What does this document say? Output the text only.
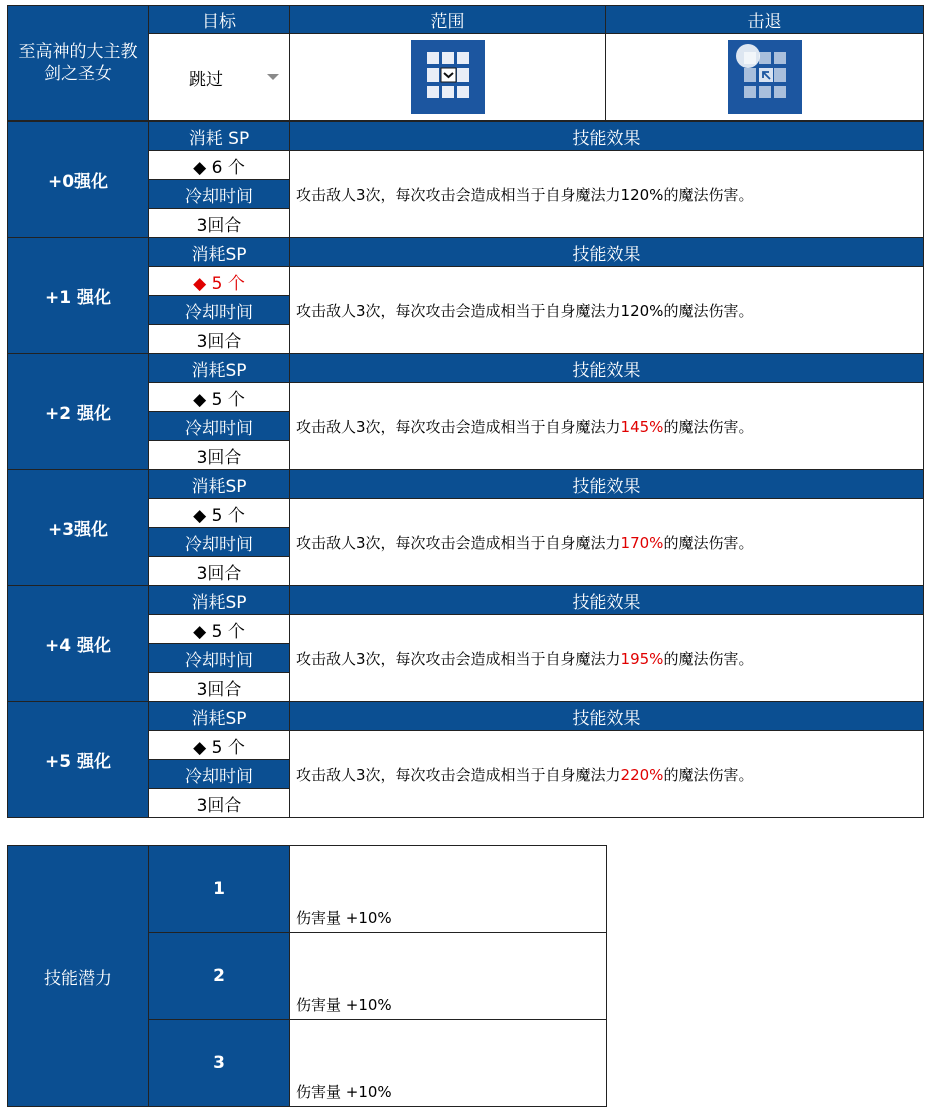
至高神的大主教
剑之圣女	目标	范围	击退

	跳过

+0强化	消耗 SP	技能效果
	◆ 6 个	攻击敌人3次，每次攻击会造成相当于自身魔法力120%的魔法伤害。
	冷却时间	
	3回合	
+1 强化	消耗SP	技能效果
	◆ 5 个	攻击敌人3次，每次攻击会造成相当于自身魔法力120%的魔法伤害。
	冷却时间	
	3回合	
+2 强化	消耗SP	技能效果
	◆ 5 个	攻击敌人3次，每次攻击会造成相当于自身魔法力145%的魔法伤害。
	冷却时间	
	3回合	
+3强化	消耗SP	技能效果
	◆ 5 个	攻击敌人3次，每次攻击会造成相当于自身魔法力170%的魔法伤害。
	冷却时间	
	3回合	
+4 强化	消耗SP	技能效果
	◆ 5 个	攻击敌人3次，每次攻击会造成相当于自身魔法力195%的魔法伤害。
	冷却时间	
	3回合	
+5 强化	消耗SP	技能效果
	◆ 5 个	攻击敌人3次，每次攻击会造成相当于自身魔法力220%的魔法伤害。
	冷却时间	
	3回合	
技能潜力	1	伤害量 +10%

	2	伤害量 +10%

	3	伤害量 +10%
